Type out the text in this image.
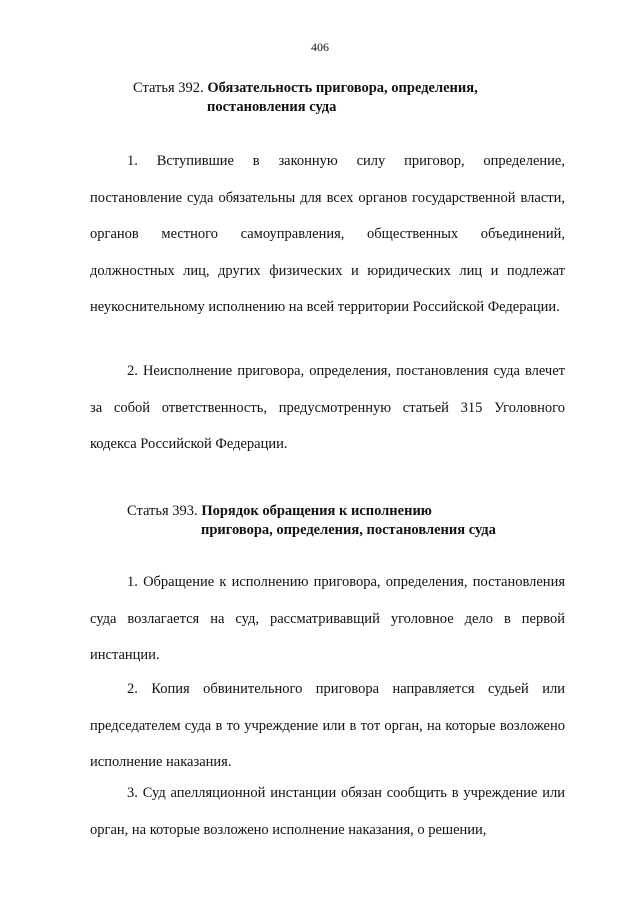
406
Статья 392. Обязательность приговора, определения,
постановления суда

1. Вступившие в законную силу приговор, определение, постановление суда обязательны для всех органов государственной власти, органов местного самоуправления, общественных объединений, должностных лиц, других физических и юридических лиц и подлежат неукоснительному исполнению на всей территории Российской Федерации.

2. Неисполнение приговора, определения, постановления суда влечет за собой ответственность, предусмотренную статьей 315 Уголовного кодекса Российской Федерации.

Статья 393. Порядок обращения к исполнению
приговора, определения, постановления суда

1. Обращение к исполнению приговора, определения, постановления суда возлагается на суд, рассматривавщий уголовное дело в первой инстанции.

2. Копия обвинительного приговора направляется судьей или председателем суда в то учреждение или в тот орган, на которые возложено исполнение наказания.

3. Суд апелляционной инстанции обязан сообщить в учреждение или орган, на которые возложено исполнение наказания, о решении,
